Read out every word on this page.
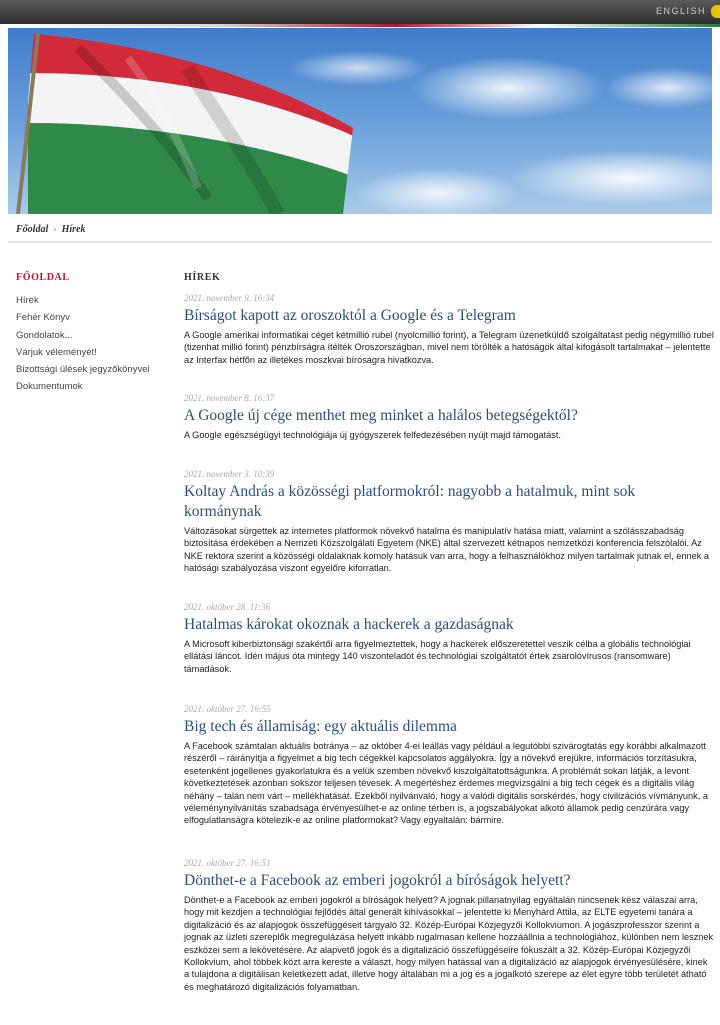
ENGLISH
Főoldal › Hírek
FŐOLDAL
Hírek
Fehér Könyv
Gondolatok...
Várjuk véleményét!
Bizottsági ülések jegyzőkönyvei
Dokumentumok
HÍREK
2021. november 9. 16:34
Bírságot kapott az oroszoktól a Google és a Telegram
A Google amerikai informatikai céget kétmillió rubel (nyolcmillió forint), a Telegram üzenetküldő szolgáltatást pedig négymillió rubel (tizenhat millió forint) pénzbírságra ítélték Oroszországban, mivel nem törölték a hatóságok által kifogásolt tartalmakat – jelentette az Interfax hétfőn az illetékes moszkvai bíróságra hivatkozva.
2021. november 8. 16:37
A Google új cége menthet meg minket a halálos betegségektől?
A Google egészségügyi technológiája új gyógyszerek felfedezésében nyújt majd támogatást.
2021. november 3. 10:39
Koltay András a közösségi platformokról: nagyobb a hatalmuk, mint sok kormánynak
Változásokat sürgettek az internetes platformok növekvő hatalma és manipulatív hatása miatt, valamint a szólásszabadság biztosítása érdekében a Nemzeti Közszolgálati Egyetem (NKE) által szervezett kétnapos nemzetközi konferencia felszólalói. Az NKE rektora szerint a közösségi oldalaknak komoly hatásuk van arra, hogy a felhasználókhoz milyen tartalmak jutnak el, ennek a hatósági szabályozása viszont egyelőre kiforratlan.
2021. október 28. 11:36
Hatalmas károkat okoznak a hackerek a gazdaságnak
A Microsoft kiberbiztonsági szakértői arra figyelmeztettek, hogy a hackerek előszeretettel veszik célba a globális technológiai ellátási láncot. Idén május óta mintegy 140 viszonteladót és technológiai szolgáltatót értek zsarolóvírusos (ransomware) támadások.
2021. október 27. 16:55
Big tech és államiság: egy aktuális dilemma
A Facebook számtalan aktuális botránya – az október 4-ei leállás vagy például a legutóbbi szivárogtatás egy korábbi alkalmazott részéről – ráirányítja a figyelmet a big tech cégekkel kapcsolatos aggályokra. Így a növekvő erejükre, információs torzításukra, esetenként jogellenes gyakorlatukra és a velük szemben növekvő kiszolgáltatottságunkra. A problémát sokan látják, a levont következtetések azonban sokszor teljesen tévesek. A megértéshez érdemes megvizsgálni a big tech cégek és a digitális világ néhány – talán nem várt – mellékhatását. Ezekből nyilvánvaló, hogy a valódi digitális sorskérdés, hogy civilizációs vívmányunk, a véleménynyilvánítás szabadsága érvényesülhet-e az online térben is, a jogszabályokat alkotó államok pedig cenzúrára vagy elfogulatlanságra kötelezik-e az online platformokat? Vagy egyaltalán: bármire.
2021. október 27. 16:51
Dönthet-e a Facebook az emberi jogokról a bíróságok helyett?
Dönthet-e a Facebook az emberi jogokról a bíróságok helyett? A jognak pillanatnyilag egyáltalán nincsenek kész válaszai arra, hogy mit kezdjen a technológiai fejlődés által generált kihívásokkal – jelentette ki Menyhárd Attila, az ELTE egyetemi tanára a digitalizáció és az alapjogok összefüggéseit tárgyaló 32. Közép-Európai Közjegyzői Kollokviumon. A jogászprofesszor szerint a jognak az üzleti szereplők megregulázása helyett inkább rugalmasan kellene hozzáállnia a technológiához, különben nem lesznek eszközei sem a lekövetésére. Az alapvető jogok és a digitalizáció összefüggéseire fókuszált a 32. Közép-Európai Közjegyzői Kollokvium, ahol többek közt arra kereste a választ, hogy milyen hatással van a digitalizáció az alapjogok érvényesülésére, kinek a tulajdona a digitálisan keletkezett adat, illetve hogy általában mi a jog és a jogalkotó szerepe az élet egyre több területét átható és meghatározó digitalizációs folyamatban.
